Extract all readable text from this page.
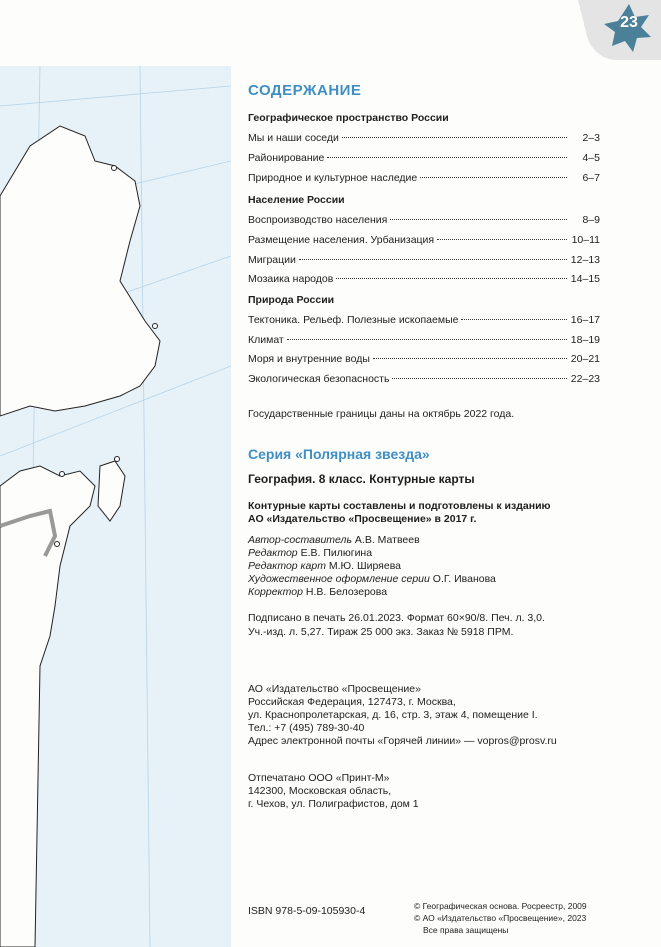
23
СОДЕРЖАНИЕ
Географическое пространство России
Мы и наши соседи	2–3
Районирование	4–5
Природное и культурное наследие	6–7
Население России
Воспроизводство населения	8–9
Размещение населения. Урбанизация	10–11
Миграции	12–13
Мозаика народов	14–15
Природа России
Тектоника. Рельеф. Полезные ископаемые	16–17
Климат	18–19
Моря и внутренние воды	20–21
Экологическая безопасность	22–23
Государственные границы даны на октябрь 2022 года.
Серия «Полярная звезда»
География. 8 класс. Контурные карты
Контурные карты составлены и подготовлены к изданию
АО «Издательство «Просвещение» в 2017 г.
Автор-составитель А.В. Матвеев
Редактор Е.В. Пилюгина
Редактор карт М.Ю. Ширяева
Художественное оформление серии О.Г. Иванова
Корректор Н.В. Белозерова
Подписано в печать 26.01.2023. Формат 60×90/8. Печ. л. 3,0.
Уч.-изд. л. 5,27. Тираж 25 000 экз. Заказ № 5918 ПРМ.
АО «Издательство «Просвещение»
Российская Федерация, 127473, г. Москва,
ул. Краснопролетарская, д. 16, стр. 3, этаж 4, помещение I.
Тел.: +7 (495) 789-30-40
Адрес электронной почты «Горячей линии» — vopros@prosv.ru
Отпечатано ООО «Принт-М»
142300, Московская область,
г. Чехов, ул. Полиграфистов, дом 1
ISBN 978-5-09-105930-4	© Географическая основа. Росреестр, 2009
© АО «Издательство «Просвещение», 2023
Все права защищены
